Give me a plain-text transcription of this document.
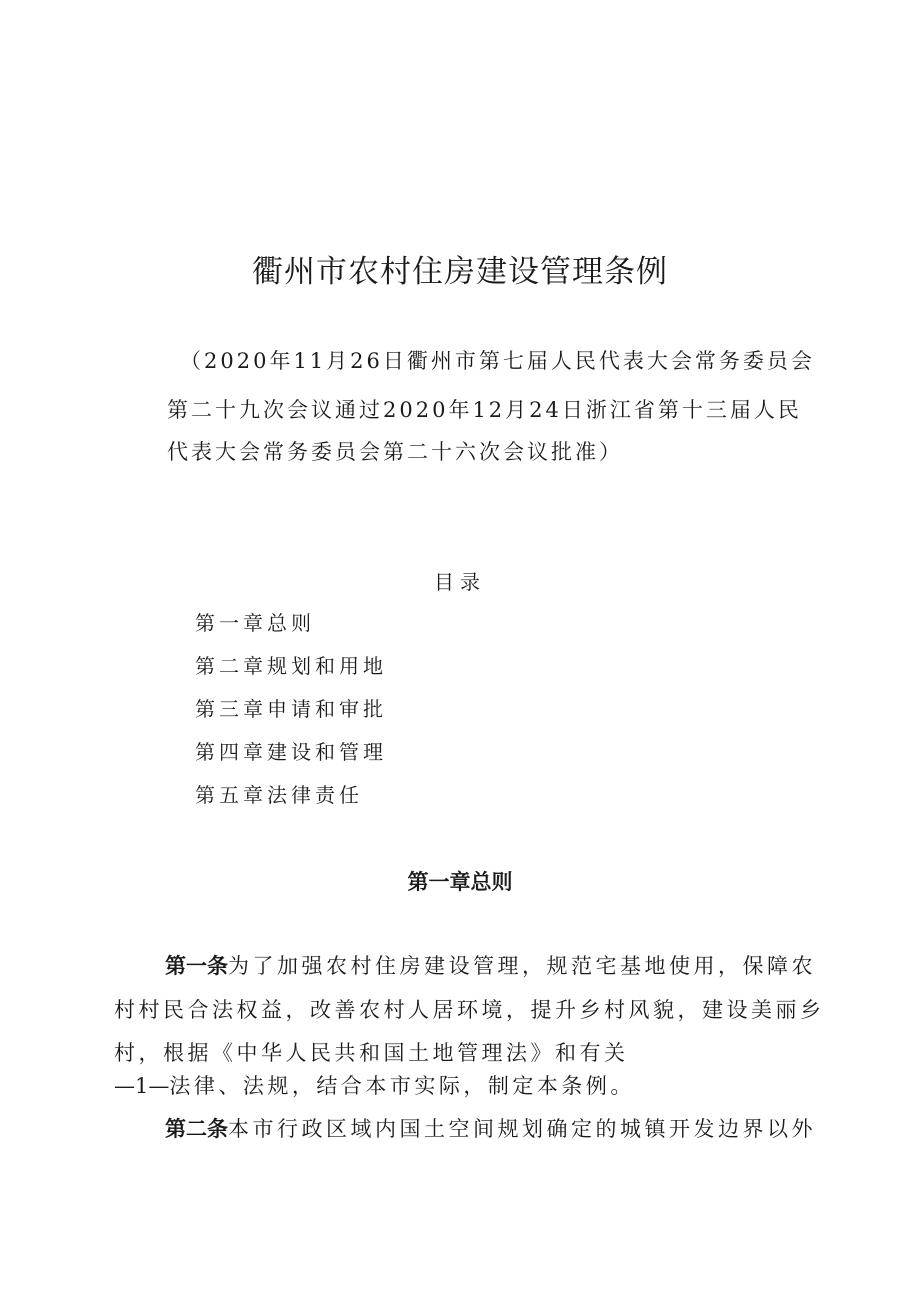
衢州市农村住房建设管理条例
（2020年11月26日衢州市第七届人民代表大会常务委员会
第二十九次会议通过2020年12月24日浙江省第十三届人民
代表大会常务委员会第二十六次会议批准）
目录
第一章总则
第二章规划和用地
第三章申请和审批
第四章建设和管理
第五章法律责任
第一章总则
第一条为了加强农村住房建设管理，规范宅基地使用，保障农
村村民合法权益，改善农村人居环境，提升乡村风貌，建设美丽乡
村，根据《中华人民共和国土地管理法》和有关
—1—法律、法规，结合本市实际，制定本条例。
第二条本市行政区域内国土空间规划确定的城镇开发边界以外
